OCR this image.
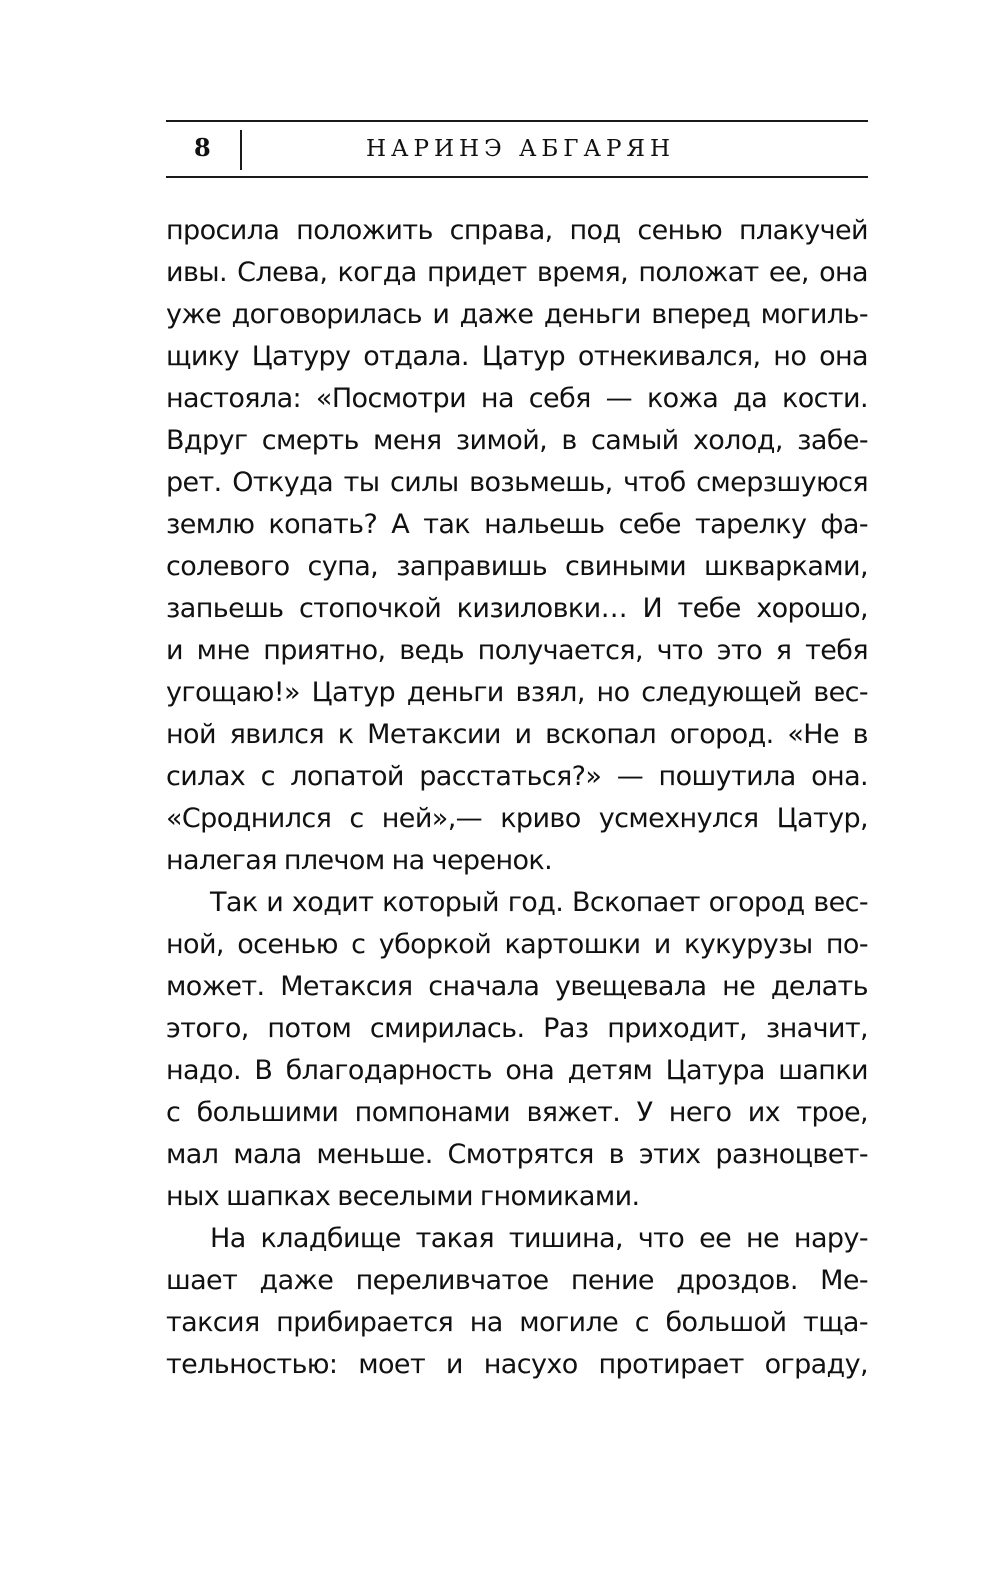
8	НАРИНЭ АБГАРЯН
просила положить справа, под сенью плакучей
ивы. Слева, когда придет время, положат ее, она
уже договорилась и даже деньги вперед могиль-
щику Цатуру отдала. Цатур отнекивался, но она
настояла: «Посмотри на себя — кожа да кости.
Вдруг смерть меня зимой, в самый холод, забе-
рет. Откуда ты силы возьмешь, чтоб смерзшуюся
землю копать? А так нальешь себе тарелку фа-
солевого супа, заправишь свиными шкварками,
запьешь стопочкой кизиловки… И тебе хорошо,
и мне приятно, ведь получается, что это я тебя
угощаю!» Цатур деньги взял, но следующей вес-
ной явился к Метаксии и вскопал огород. «Не в
силах с лопатой расстаться?» — пошутила она.
«Сроднился с ней»,— криво усмехнулся Цатур,
налегая плечом на черенок.
Так и ходит который год. Вскопает огород вес-
ной, осенью с уборкой картошки и кукурузы по-
может. Метаксия сначала увещевала не делать
этого, потом смирилась. Раз приходит, значит,
надо. В благодарность она детям Цатура шапки
с большими помпонами вяжет. У него их трое,
мал мала меньше. Смотрятся в этих разноцвет-
ных шапках веселыми гномиками.
На кладбище такая тишина, что ее не нару-
шает даже переливчатое пение дроздов. Ме-
таксия прибирается на могиле с большой тща-
тельностью: моет и насухо протирает ограду,
